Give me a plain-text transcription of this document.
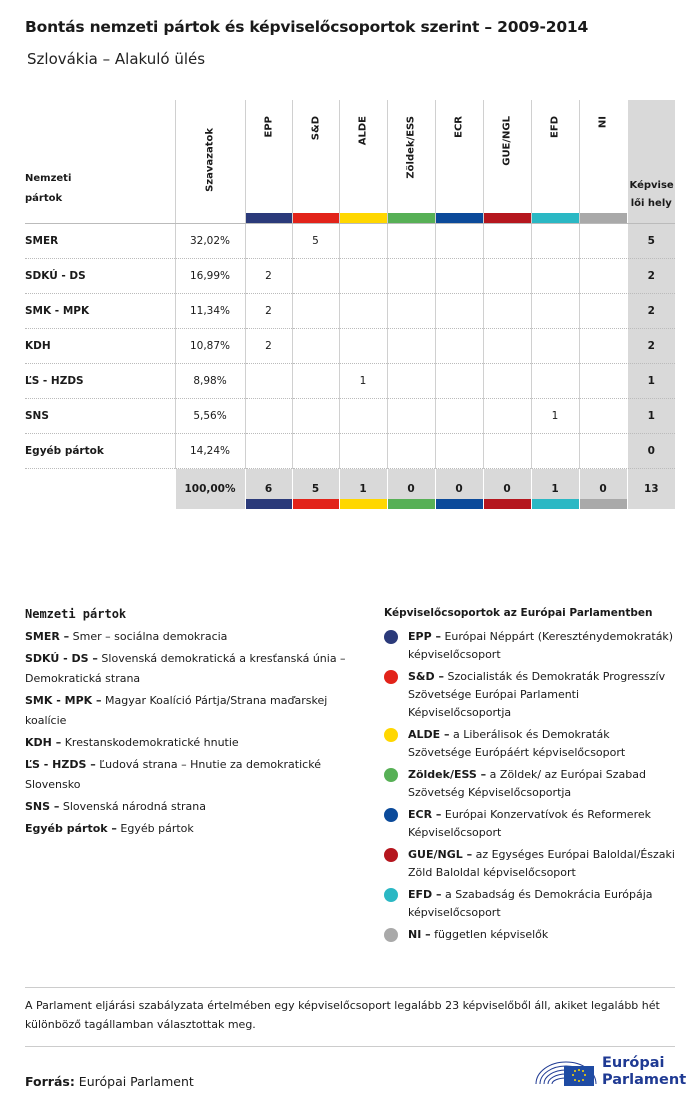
Bontás nemzeti pártok és képviselőcsoportok szerint – 2009-2014
Szlovákia – Alakuló ülés
Nemzeti
pártok	Szavazatok	EPP	S&D	ALDE	Zöldek/ESS	ECR	GUE/NGL	EFD	NI	Képvise
lői hely

SMER	32,02%		5							5
SDKÚ - DS	16,99%	2								2
SMK - MPK	11,34%	2								2
KDH	10,87%	2								2
ĽS - HZDS	8,98%			1						1
SNS	5,56%							1		1
Egyéb pártok	14,24%									0
	100,00%	6	5	1	0	0	0	1	0	13
Nemzeti pártok
SMER – Smer – sociálna demokracia
SDKÚ - DS – Slovenská demokratická a kresťanská únia – Demokratická strana
SMK - MPK – Magyar Koalíció Pártja/Strana maďarskej koalície
KDH – Krestanskodemokratické hnutie
ĽS - HZDS – Ľudová strana – Hnutie za demokratické Slovensko
SNS – Slovenská národná strana
Egyéb pártok – Egyéb pártok
Képviselőcsoportok az Európai Parlamentben
EPP – Európai Néppárt (Kereszténydemokraták) képviselőcsoport
S&D – Szocialisták és Demokraták Progresszív Szövetsége Európai Parlamenti Képviselőcsoportja
ALDE – a Liberálisok és Demokraták Szövetsége Európáért képviselőcsoport
Zöldek/ESS – a Zöldek/ az Európai Szabad Szövetség Képviselőcsoportja
ECR – Európai Konzervatívok és Reformerek Képviselőcsoport
GUE/NGL – az Egységes Európai Baloldal/Északi Zöld Baloldal képviselőcsoport
EFD – a Szabadság és Demokrácia Európája képviselőcsoport
NI – független képviselők
A Parlament eljárási szabályzata értelmében egy képviselőcsoport legalább 23 képviselőből áll, akiket legalább hét különböző tagállamban választottak meg.
Forrás: Európai Parlament
Európai
Parlament
